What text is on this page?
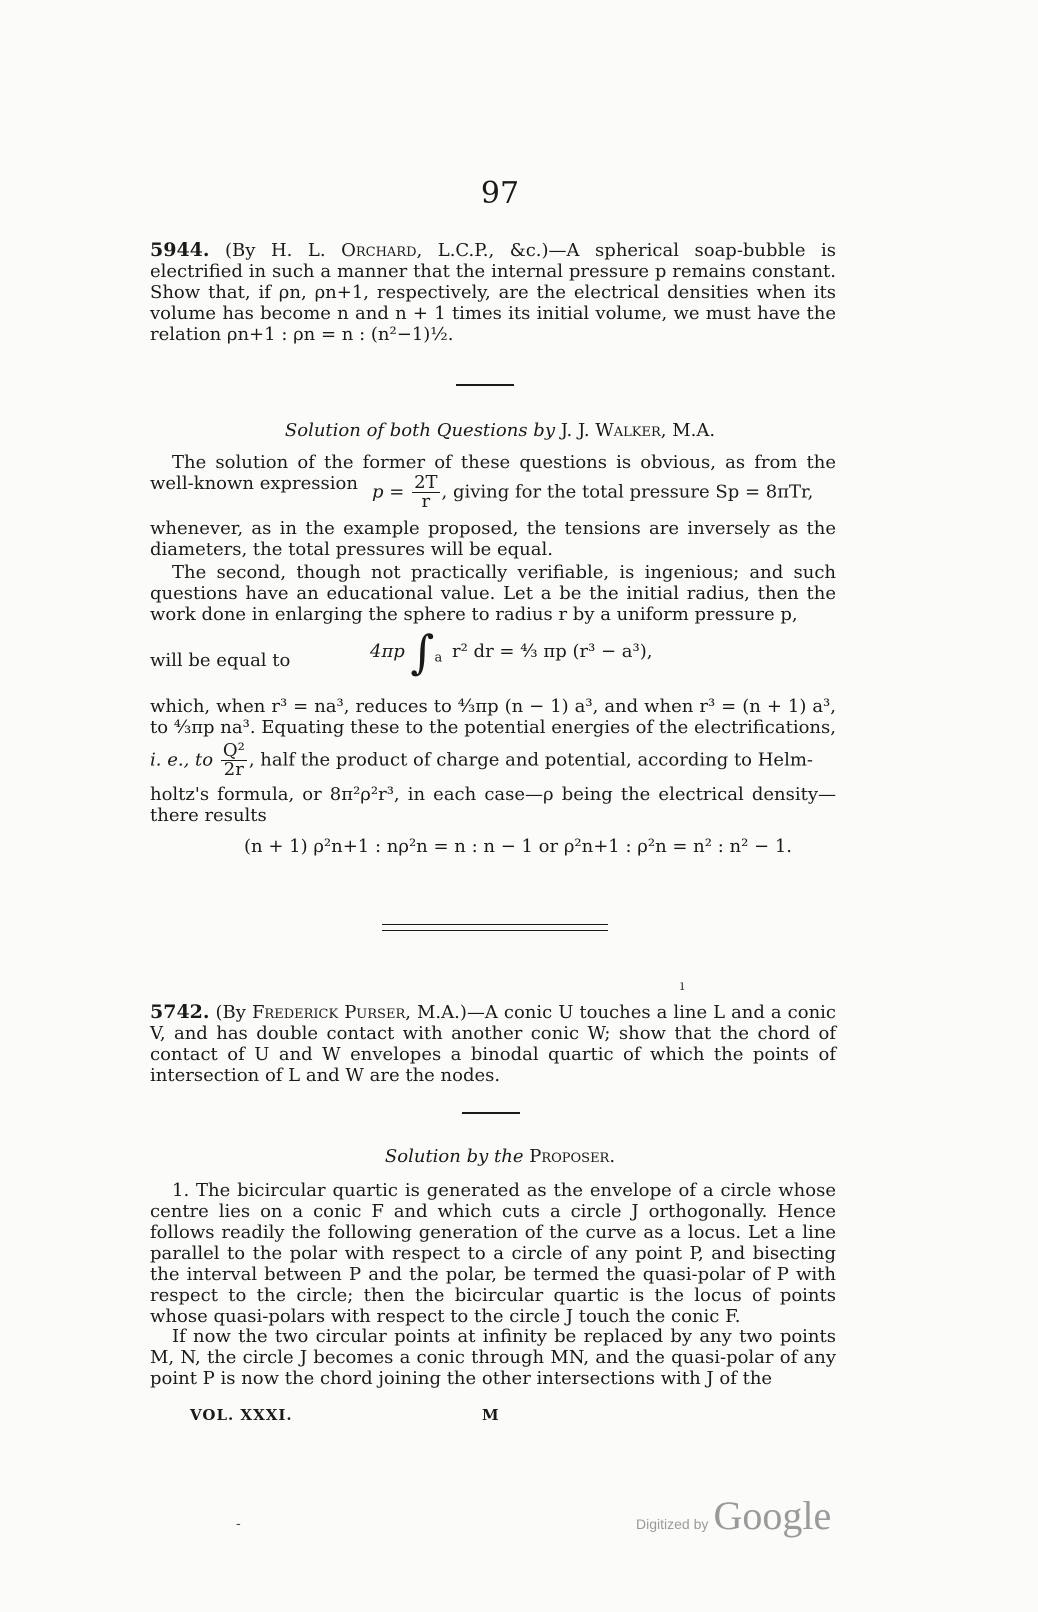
97

5944. (By H. L. Orchard, L.C.P., &c.)—A spherical soap-bubble is electrified in such a manner that the internal pressure p remains constant. Show that, if ρn, ρn+1, respectively, are the electrical densities when its volume has become n and n + 1 times its initial volume, we must have the relation ρn+1 : ρn = n : (n²−1)½.

Solution of both Questions by J. J. Walker, M.A.

The solution of the former of these questions is obvious, as from the well-known expression $p = \frac{2T}{r}$ , giving for the total pressure Sp = 8πTr,

whenever, as in the example proposed, the tensions are inversely as the diameters, the total pressures will be equal.

The second, though not practically verifiable, is ingenious; and such questions have an educational value. Let a be the initial radius, then the work done in enlarging the sphere to radius r by a uniform pressure p,

will be equal to	4πp $\int_a$ r² dr = ⁴⁄₃ πp (r³ − a³),

which, when r³ = na³, reduces to ⁴⁄₃πp (n − 1) a³, and when r³ = (n + 1) a³, to ⁴⁄₃πp na³. Equating these to the potential energies of the electrifications,

i. e., to $\frac{\text{Q²}}{2r}$ , half the product of charge and potential, according to Helm-

holtz's formula, or 8π²ρ²r³, in each case—ρ being the electrical density—there results

(n + 1) ρ²n+1 : nρ²n = n : n − 1 or ρ²n+1 : ρ²n = n² : n² − 1.

5742. (By Frederick Purser, M.A.)—A conic U touches a line L and a conic V, and has double contact with another conic W; show that the chord of contact of U and W envelopes a binodal quartic of which the points of intersection of L and W are the nodes.

Solution by the Proposer.

1. The bicircular quartic is generated as the envelope of a circle whose centre lies on a conic F and which cuts a circle J orthogonally. Hence follows readily the following generation of the curve as a locus. Let a line parallel to the polar with respect to a circle of any point P, and bisecting the interval between P and the polar, be termed the quasi-polar of P with respect to the circle; then the bicircular quartic is the locus of points whose quasi-polars with respect to the circle J touch the conic F.

If now the two circular points at infinity be replaced by any two points M, N, the circle J becomes a conic through MN, and the quasi-polar of any point P is now the chord joining the other intersections with J of the

VOL. XXXI.	M
ı
-	Digitized by Google
